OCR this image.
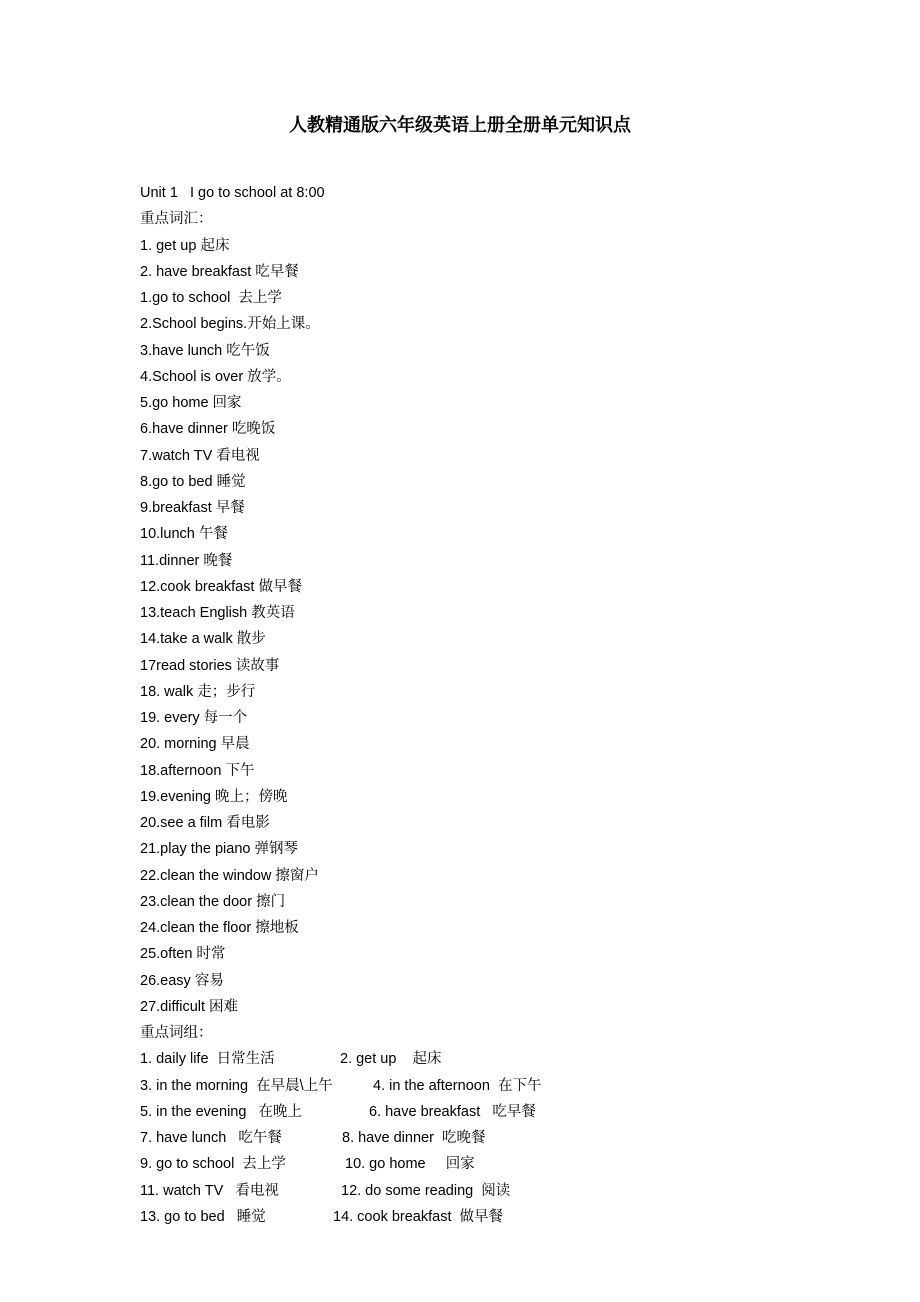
人教精通版六年级英语上册全册单元知识点
Unit 1   I go to school at 8:00
重点词汇：
1. get up 起床
2. have breakfast 吃早餐
1.go to school  去上学
2.School begins.开始上课。
3.have lunch 吃午饭
4.School is over 放学。
5.go home 回家
6.have dinner 吃晚饭
7.watch TV 看电视
8.go to bed 睡觉
9.breakfast 早餐
10.lunch 午餐
11.dinner 晚餐
12.cook breakfast 做早餐
13.teach English 教英语
14.take a walk 散步
17read stories 读故事
18. walk 走；步行
19. every 每一个
20. morning 早晨
18.afternoon 下午
19.evening 晚上；傍晚
20.see a film 看电影
21.play the piano 弹钢琴
22.clean the window 擦窗户
23.clean the door 擦门
24.clean the floor 擦地板
25.often 时常
26.easy 容易
27.difficult 困难
重点词组：
1. daily life  日常生活	2. get up    起床
3. in the morning  在早晨\上午	4. in the afternoon  在下午
5. in the evening   在晚上	6. have breakfast   吃早餐
7. have lunch   吃午餐	8. have dinner  吃晚餐
9. go to school  去上学	10. go home     回家
11. watch TV   看电视	12. do some reading  阅读
13. go to bed   睡觉	14. cook breakfast  做早餐
